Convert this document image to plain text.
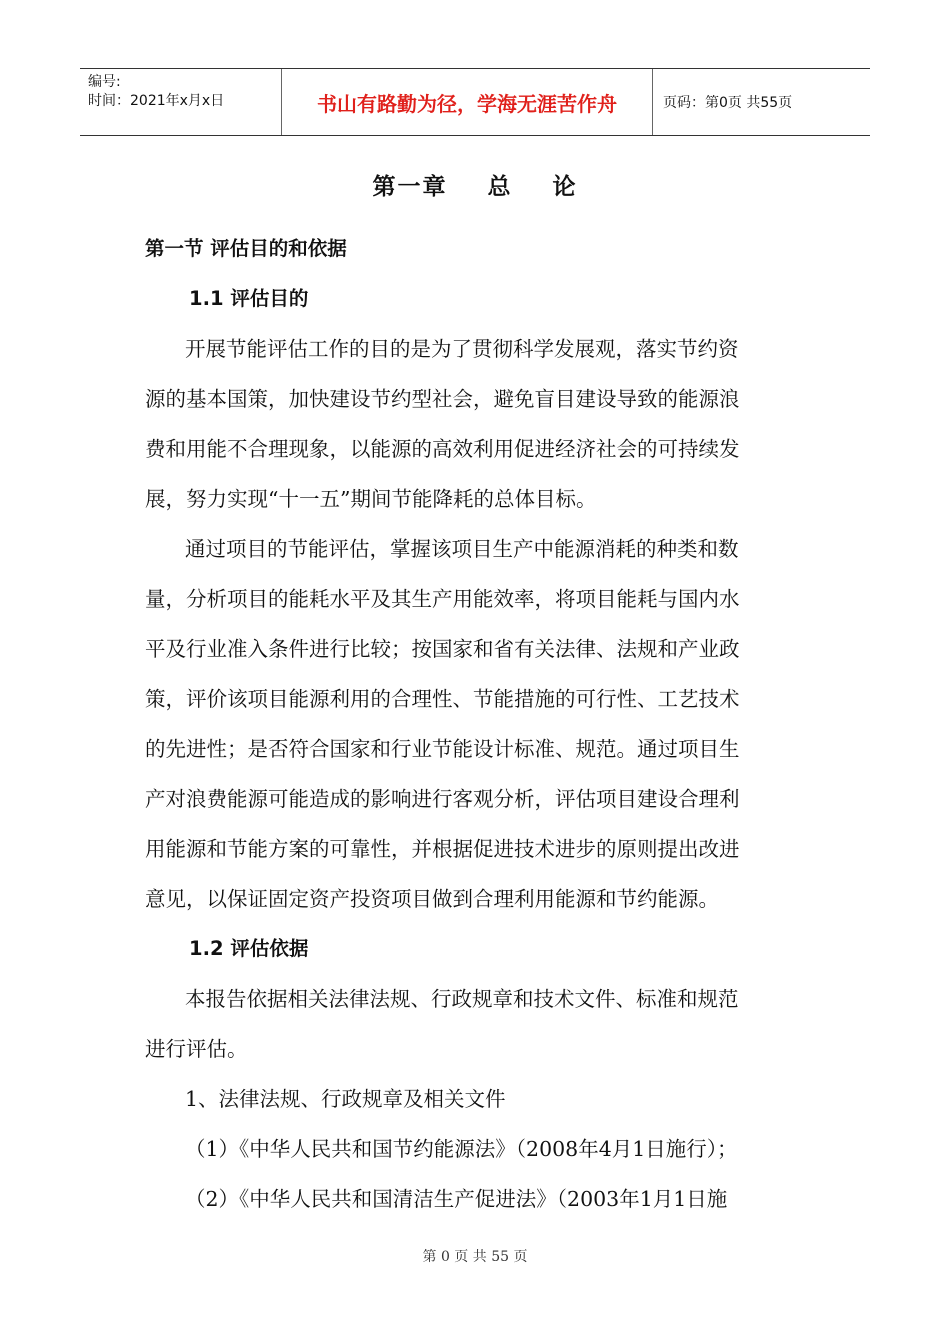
编号:
时间：2021年x月x日	书山有路勤为径，学海无涯苦作舟	页码：第0页 共55页
第一章    总    论
第一节 评估目的和依据
1.1 评估目的
开展节能评估工作的目的是为了贯彻科学发展观，落实节约资
源的基本国策，加快建设节约型社会，避免盲目建设导致的能源浪
费和用能不合理现象，以能源的高效利用促进经济社会的可持续发
展，努力实现“十一五”期间节能降耗的总体目标。
通过项目的节能评估，掌握该项目生产中能源消耗的种类和数
量，分析项目的能耗水平及其生产用能效率，将项目能耗与国内水
平及行业准入条件进行比较；按国家和省有关法律、法规和产业政
策，评价该项目能源利用的合理性、节能措施的可行性、工艺技术
的先进性；是否符合国家和行业节能设计标准、规范。通过项目生
产对浪费能源可能造成的影响进行客观分析，评估项目建设合理利
用能源和节能方案的可靠性，并根据促进技术进步的原则提出改进
意见，以保证固定资产投资项目做到合理利用能源和节约能源。
1.2 评估依据
本报告依据相关法律法规、行政规章和技术文件、标准和规范
进行评估。
1、法律法规、行政规章及相关文件
（1）《中华人民共和国节约能源法》（2008年4月1日施行）；
（2）《中华人民共和国清洁生产促进法》（2003年1月1日施
第 0 页 共 55 页
